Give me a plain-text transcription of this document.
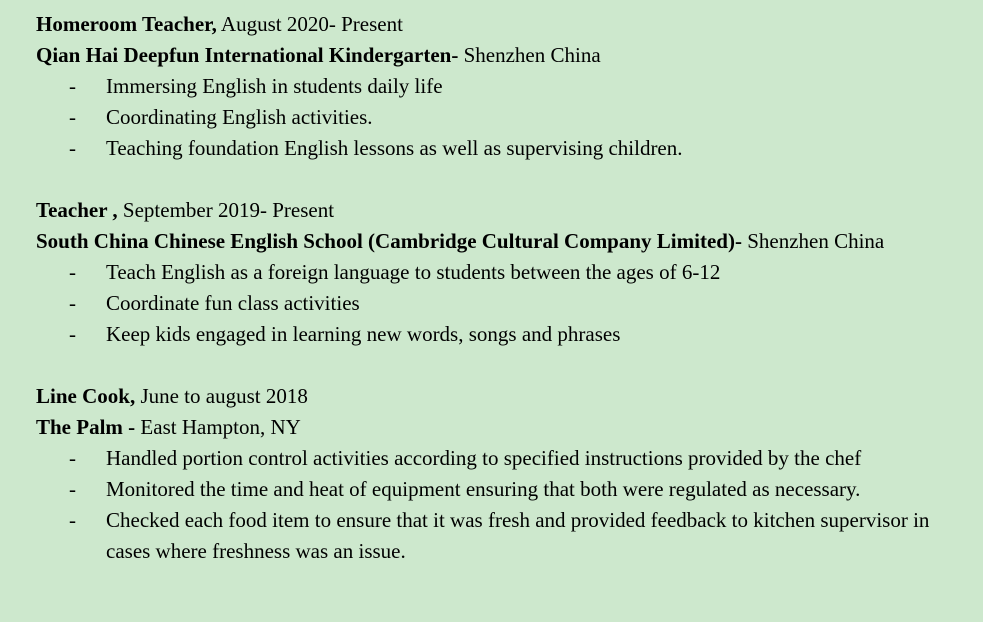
Homeroom Teacher, August 2020- Present
Qian Hai Deepfun International Kindergarten- Shenzhen China
- Immersing English in students daily life
- Coordinating English activities.
- Teaching foundation English lessons as well as supervising children.
Teacher , September 2019- Present
South China Chinese English School (Cambridge Cultural Company Limited)- Shenzhen China
- Teach English as a foreign language to students between the ages of 6-12
- Coordinate fun class activities
- Keep kids engaged in learning new words, songs and phrases
Line Cook, June to august 2018
The Palm - East Hampton, NY
- Handled portion control activities according to specified instructions provided by the chef
- Monitored the time and heat of equipment ensuring that both were regulated as necessary.
- Checked each food item to ensure that it was fresh and provided feedback to kitchen supervisor in cases where freshness was an issue.
